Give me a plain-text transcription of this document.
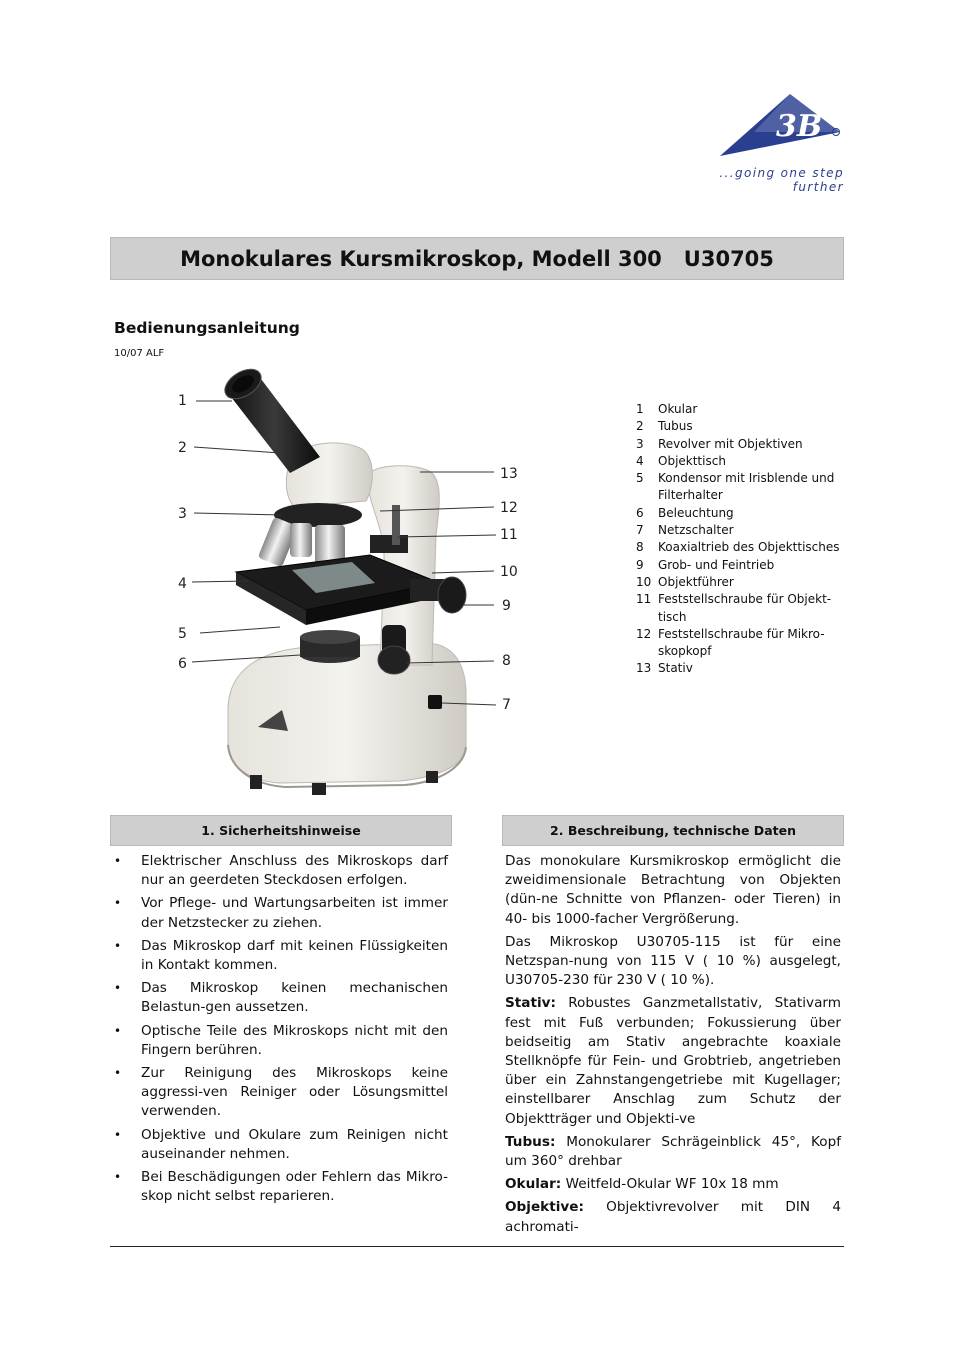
3B
...going one step further
Monokulares Kursmikroskop, Modell 300 U30705
Bedienungsanleitung
10/07 ALF
1
2
3
4
5
6
13
12
11
10
9
8
7
1	Okular
2	Tubus
3	Revolver mit Objektiven
4	Objekttisch
5	Kondensor mit Irisblende und Filterhalter
6	Beleuchtung
7	Netzschalter
8	Koaxialtrieb des Objekttisches
9	Grob- und Feintrieb
10 Objektführer
11 Feststellschraube für Objekt-tisch
12 Feststellschraube für Mikro-skopkopf
13 Stativ
1. Sicherheitshinweise	2. Beschreibung, technische Daten
• Elektrischer Anschluss des Mikroskops darf nur an geerdeten Steckdosen erfolgen.
• Vor Pflege- und Wartungsarbeiten ist immer der Netzstecker zu ziehen.
• Das Mikroskop darf mit keinen Flüssigkeiten in Kontakt kommen.
• Das Mikroskop keinen mechanischen Belastun-gen aussetzen.
• Optische Teile des Mikroskops nicht mit den Fingern berühren.
• Zur Reinigung des Mikroskops keine aggressi-ven Reiniger oder Lösungsmittel verwenden.
• Objektive und Okulare zum Reinigen nicht auseinander nehmen.
• Bei Beschädigungen oder Fehlern das Mikro-skop nicht selbst reparieren.

Das monokulare Kursmikroskop ermöglicht die zweidimensionale Betrachtung von Objekten (dün-ne Schnitte von Pflanzen- oder Tieren) in 40- bis 1000-facher Vergrößerung.

Das Mikroskop U30705-115 ist für eine Netzspan-nung von 115 V ( 10 %) ausgelegt, U30705-230 für 230 V ( 10 %).

Stativ: Robustes Ganzmetallstativ, Stativarm fest mit Fuß verbunden; Fokussierung über beidseitig am Stativ angebrachte koaxiale Stellknöpfe für Fein- und Grobtrieb, angetrieben über ein Zahnstangengetriebe mit Kugellager; einstellbarer Anschlag zum Schutz der Objektträger und Objekti-ve

Tubus: Monokularer Schrägeinblick 45°, Kopf um 360° drehbar

Okular: Weitfeld-Okular WF 10x 18 mm

Objektive: Objektivrevolver mit DIN 4 achromati-
